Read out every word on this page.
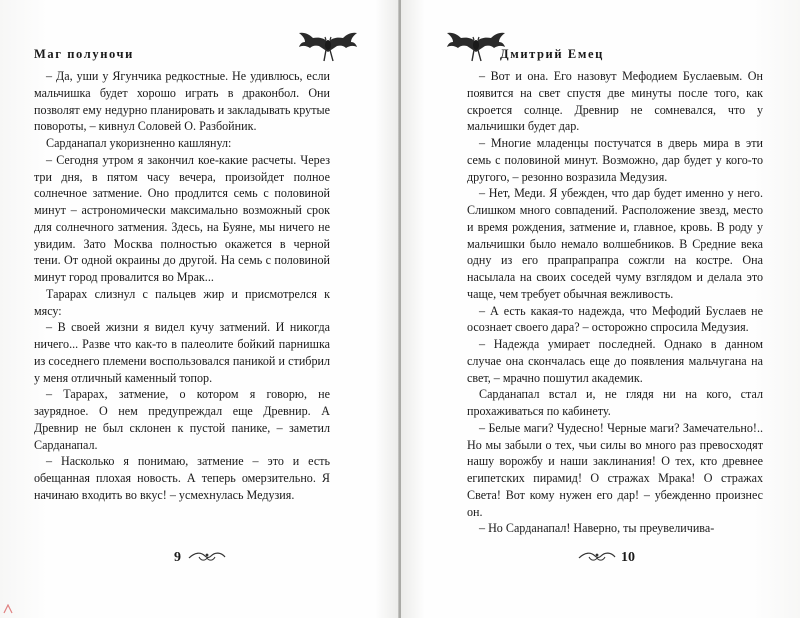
Маг полуночи

– Да, уши у Ягунчика редкостные. Не удивлюсь, если мальчишка будет хорошо играть в драконбол. Они позволят ему недурно планировать и закладывать крутые повороты, – кивнул Соловей О. Разбойник.

Сарданапал укоризненно кашлянул:

– Сегодня утром я закончил кое-какие расчеты. Через три дня, в пятом часу вечера, произойдет полное солнечное затмение. Оно продлится семь с половиной минут – астрономически максимально возможный срок для солнечного затмения. Здесь, на Буяне, мы ничего не увидим. Зато Москва полностью окажется в черной тени. От одной окраины до другой. На семь с половиной минут город провалится во Мрак...

Тарарах слизнул с пальцев жир и присмотрелся к мясу:

– В своей жизни я видел кучу затмений. И никогда ничего... Разве что как-то в палеолите бойкий парнишка из соседнего племени воспользовался паникой и стибрил у меня отличный каменный топор.

– Тарарах, затмение, о котором я говорю, не заурядное. О нем предупреждал еще Древнир. А Древнир не был склонен к пустой панике, – заметил Сарданапал.

– Насколько я понимаю, затмение – это и есть обещанная плохая новость. А теперь омерзительно. Я начинаю входить во вкус! – усмехнулась Медузия.

9
Дмитрий Емец

– Вот и она. Его назовут Мефодием Буслаевым. Он появится на свет спустя две минуты после того, как скроется солнце. Древнир не сомневался, что у мальчишки будет дар.

– Многие младенцы постучатся в дверь мира в эти семь с половиной минут. Возможно, дар будет у кого-то другого, – резонно возразила Медузия.

– Нет, Меди. Я убежден, что дар будет именно у него. Слишком много совпадений. Расположение звезд, место и время рождения, затмение и, главное, кровь. В роду у мальчишки было немало волшебников. В Средние века одну из его прапрапрапра сожгли на костре. Она насылала на своих соседей чуму взглядом и делала это чаще, чем требует обычная вежливость.

– А есть какая-то надежда, что Мефодий Буслаев не осознает своего дара? – осторожно спросила Медузия.

– Надежда умирает последней. Однако в данном случае она скончалась еще до появления мальчугана на свет, – мрачно пошутил академик.

Сарданапал встал и, не глядя ни на кого, стал прохаживаться по кабинету.

– Белые маги? Чудесно! Черные маги? Замечательно!.. Но мы забыли о тех, чьи силы во много раз превосходят нашу ворожбу и наши заклинания! О тех, кто древнее египетских пирамид! О стражах Мрака! О стражах Света! Вот кому нужен его дар! – убежденно произнес он.

– Но Сарданапал! Наверно, ты преувеличива-

10
